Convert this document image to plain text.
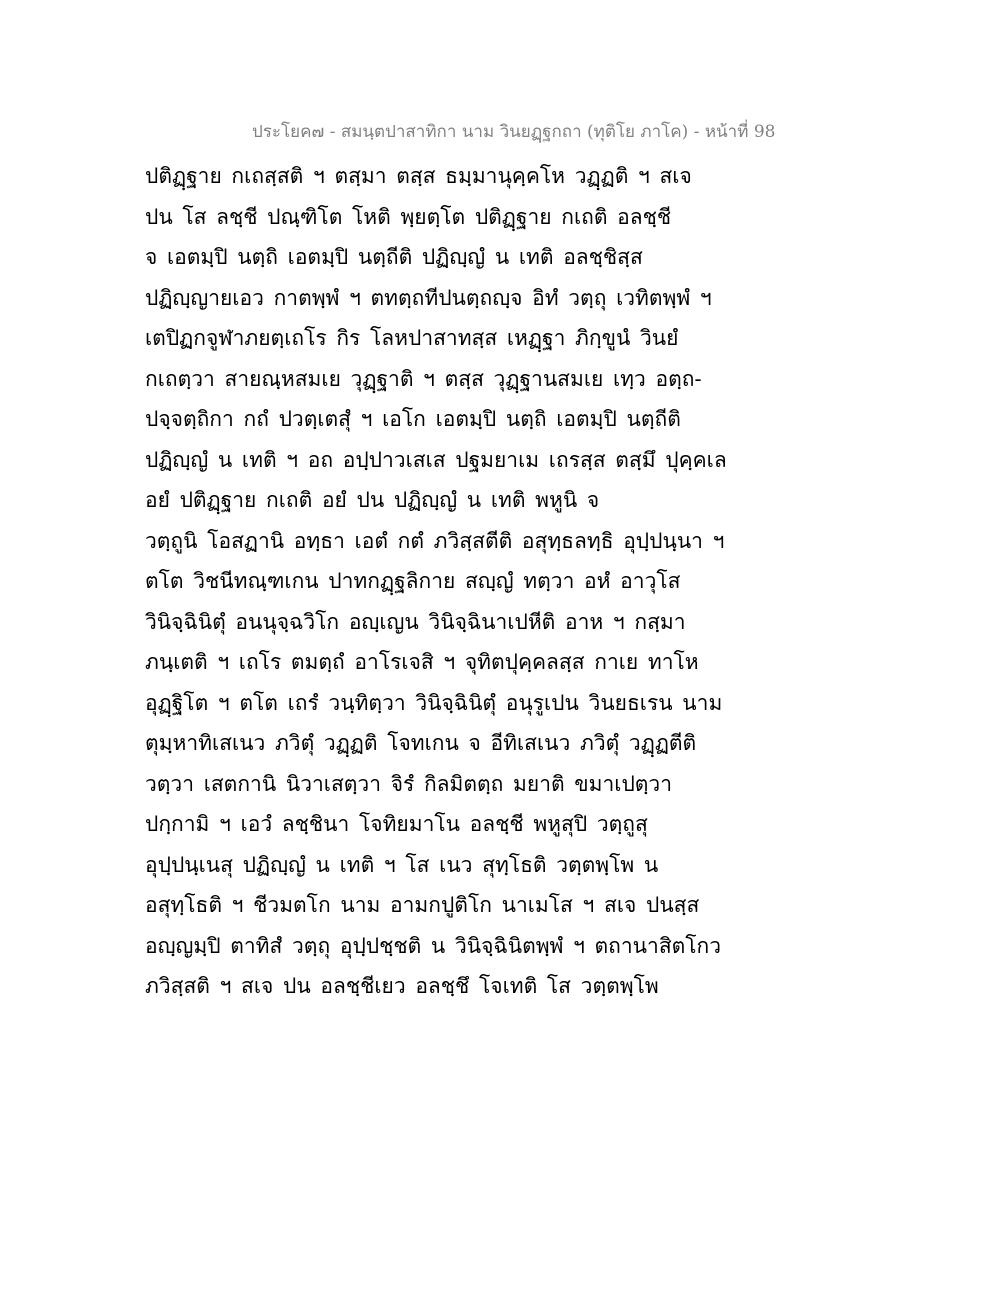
ประโยค๗ - สมนฺตปาสาทิกา นาม วินยฏฺฐกถา (ทุติโย ภาโค) - หน้าที่ 98
ปติฏฺฐาย กเถสฺสติ ฯ ตสฺมา ตสฺส ธมฺมานุคฺคโห วฏฺฏติ ฯ สเจ
ปน โส ลชฺชี ปณฺฑิโต โหติ พฺยตฺโต ปติฏฺฐาย กเถติ อลชฺชี
จ เอตมฺปิ นตฺถิ เอตมฺปิ นตฺถีติ ปฏิญฺญํ น เทติ อลชฺชิสฺส
ปฏิญฺญายเอว กาตพฺพํ ฯ ตทตฺถทีปนตฺถญฺจ อิทํ วตฺถุ เวทิตพฺพํ ฯ
เตปิฏกจูฬาภยตฺเถโร กิร โลหปาสาทสฺส เหฏฺฐา ภิกฺขูนํ วินยํ
กเถตฺวา สายณฺหสมเย วุฏฺฐาติ ฯ ตสฺส วุฏฺฐานสมเย เทฺว อตฺถ-
ปจฺจตฺถิกา กถํ ปวตฺเตสุํ ฯ เอโก เอตมฺปิ นตฺถิ เอตมฺปิ นตฺถีติ
ปฏิญฺญํ น เทติ ฯ อถ อปฺปาวเสเส ปฐมยาเม เถรสฺส ตสฺมึ ปุคฺคเล
อยํ ปติฏฺฐาย กเถติ อยํ ปน ปฏิญฺญํ น เทติ พหูนิ จ
วตฺถูนิ โอสฏานิ อทฺธา เอตํ กตํ ภวิสฺสตีติ อสุทฺธลทฺธิ อุปฺปนฺนา ฯ
ตโต วิชนีทณฺฑเกน ปาทกฏฺฐลิกาย สญฺญํ ทตฺวา อหํ อาวุโส
วินิจฺฉินิตุํ อนนุจฺฉวิโก อญฺเญน วินิจฺฉินาเปหีติ อาห ฯ กสฺมา
ภนฺเตติ ฯ เถโร ตมตฺถํ อาโรเจสิ ฯ จุทิตปุคฺคลสฺส กาเย ทาโห
อุฏฺฐิโต ฯ ตโต เถรํ วนฺทิตฺวา วินิจฺฉินิตุํ อนุรูเปน วินยธเรน นาม
ตุมฺหาทิเสเนว ภวิตุํ วฏฺฏติ โจทเกน จ อีทิเสเนว ภวิตุํ วฏฺฏตีติ
วตฺวา เสตกานิ นิวาเสตฺวา จิรํ กิลมิตตฺถ มยาติ ขมาเปตฺวา
ปกฺกามิ ฯ เอวํ ลชฺชินา โจทิยมาโน อลชฺชี พหูสุปิ วตฺถูสุ
อุปฺปนฺเนสุ ปฏิญฺญํ น เทติ ฯ โส เนว สุทฺโธติ วตฺตพฺโพ น
อสุทฺโธติ ฯ ชีวมตโก นาม อามกปูติโก นาเมโส ฯ สเจ ปนสฺส
อญฺญมฺปิ ตาทิสํ วตฺถุ อุปฺปชฺชติ น วินิจฺฉินิตพฺพํ ฯ ตถานาสิตโกว
ภวิสฺสติ ฯ สเจ ปน อลชฺชีเยว อลชฺชึ โจเทติ โส วตฺตพฺโพ
